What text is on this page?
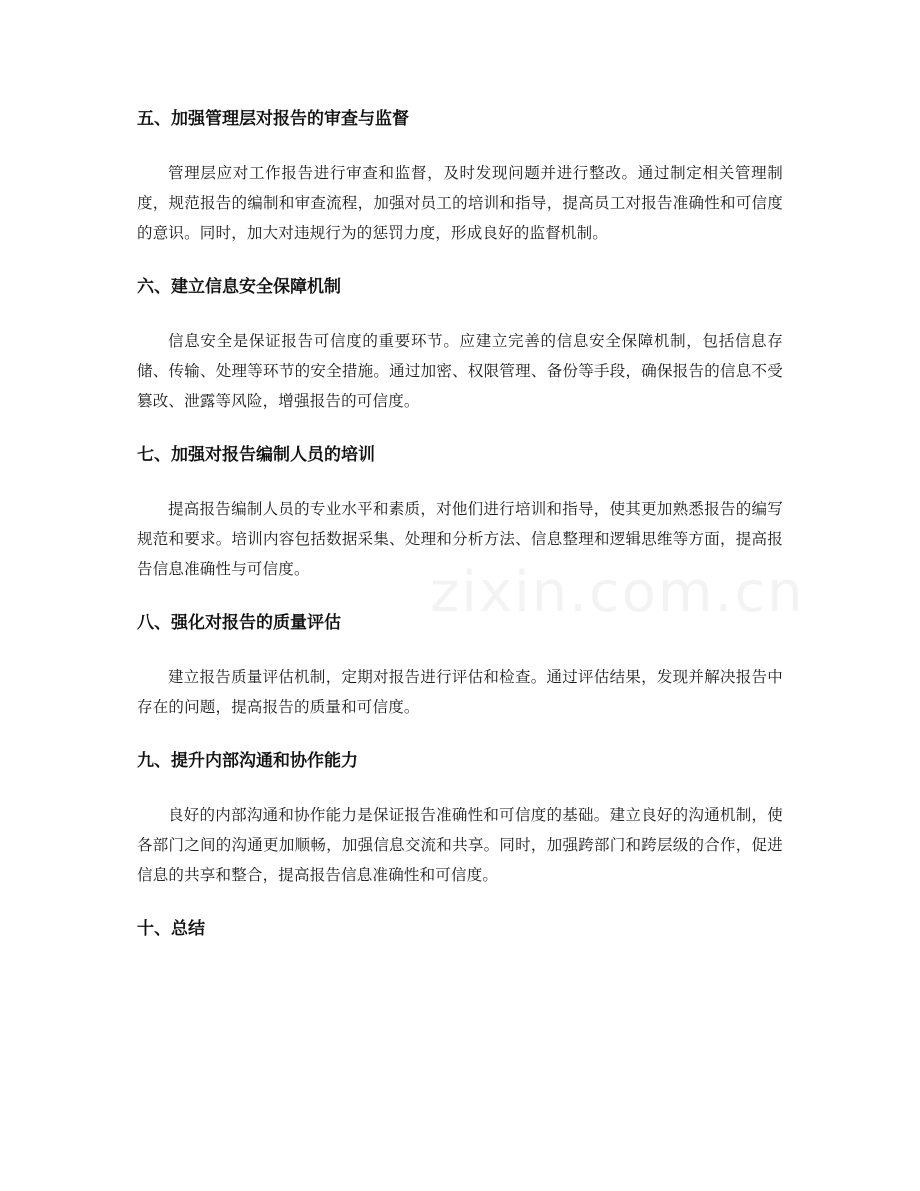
五、加强管理层对报告的审查与监督

管理层应对工作报告进行审查和监督，及时发现问题并进行整改。通过制定相关管理制度，规范报告的编制和审查流程，加强对员工的培训和指导，提高员工对报告准确性和可信度的意识。同时，加大对违规行为的惩罚力度，形成良好的监督机制。

六、建立信息安全保障机制

信息安全是保证报告可信度的重要环节。应建立完善的信息安全保障机制，包括信息存储、传输、处理等环节的安全措施。通过加密、权限管理、备份等手段，确保报告的信息不受篡改、泄露等风险，增强报告的可信度。

七、加强对报告编制人员的培训

提高报告编制人员的专业水平和素质，对他们进行培训和指导，使其更加熟悉报告的编写规范和要求。培训内容包括数据采集、处理和分析方法、信息整理和逻辑思维等方面，提高报告信息准确性与可信度。

八、强化对报告的质量评估

建立报告质量评估机制，定期对报告进行评估和检查。通过评估结果，发现并解决报告中存在的问题，提高报告的质量和可信度。

九、提升内部沟通和协作能力

良好的内部沟通和协作能力是保证报告准确性和可信度的基础。建立良好的沟通机制，使各部门之间的沟通更加顺畅，加强信息交流和共享。同时，加强跨部门和跨层级的合作，促进信息的共享和整合，提高报告信息准确性和可信度。

十、总结
